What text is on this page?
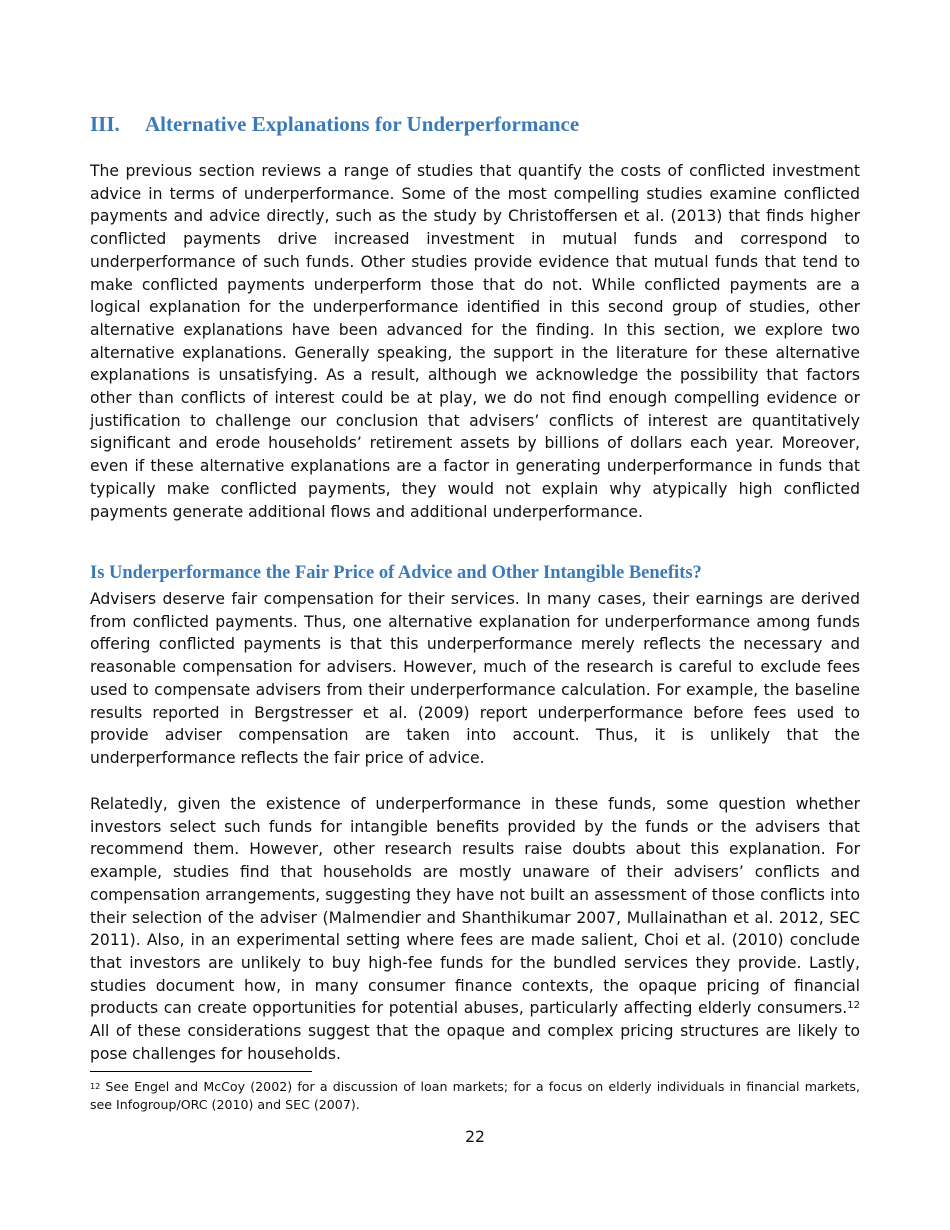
III. Alternative Explanations for Underperformance

The previous section reviews a range of studies that quantify the costs of conflicted investment advice in terms of underperformance. Some of the most compelling studies examine conflicted payments and advice directly, such as the study by Christoffersen et al. (2013) that finds higher conflicted payments drive increased investment in mutual funds and correspond to underperformance of such funds. Other studies provide evidence that mutual funds that tend to make conflicted payments underperform those that do not. While conflicted payments are a logical explanation for the underperformance identified in this second group of studies, other alternative explanations have been advanced for the finding. In this section, we explore two alternative explanations. Generally speaking, the support in the literature for these alternative explanations is unsatisfying. As a result, although we acknowledge the possibility that factors other than conflicts of interest could be at play, we do not find enough compelling evidence or justification to challenge our conclusion that advisers’ conflicts of interest are quantitatively significant and erode households’ retirement assets by billions of dollars each year. Moreover, even if these alternative explanations are a factor in generating underperformance in funds that typically make conflicted payments, they would not explain why atypically high conflicted payments generate additional flows and additional underperformance.

Is Underperformance the Fair Price of Advice and Other Intangible Benefits?

Advisers deserve fair compensation for their services. In many cases, their earnings are derived from conflicted payments. Thus, one alternative explanation for underperformance among funds offering conflicted payments is that this underperformance merely reflects the necessary and reasonable compensation for advisers. However, much of the research is careful to exclude fees used to compensate advisers from their underperformance calculation. For example, the baseline results reported in Bergstresser et al. (2009) report underperformance before fees used to provide adviser compensation are taken into account. Thus, it is unlikely that the underperformance reflects the fair price of advice.

Relatedly, given the existence of underperformance in these funds, some question whether investors select such funds for intangible benefits provided by the funds or the advisers that recommend them. However, other research results raise doubts about this explanation. For example, studies find that households are mostly unaware of their advisers’ conflicts and compensation arrangements, suggesting they have not built an assessment of those conflicts into their selection of the adviser (Malmendier and Shanthikumar 2007, Mullainathan et al. 2012, SEC 2011). Also, in an experimental setting where fees are made salient, Choi et al. (2010) conclude that investors are unlikely to buy high-fee funds for the bundled services they provide. Lastly, studies document how, in many consumer finance contexts, the opaque pricing of financial products can create opportunities for potential abuses, particularly affecting elderly consumers.$^{12}$ All of these considerations suggest that the opaque and complex pricing structures are likely to pose challenges for households.

$^{12}$ See Engel and McCoy (2002) for a discussion of loan markets; for a focus on elderly individuals in financial markets, see Infogroup/ORC (2010) and SEC (2007).

22
